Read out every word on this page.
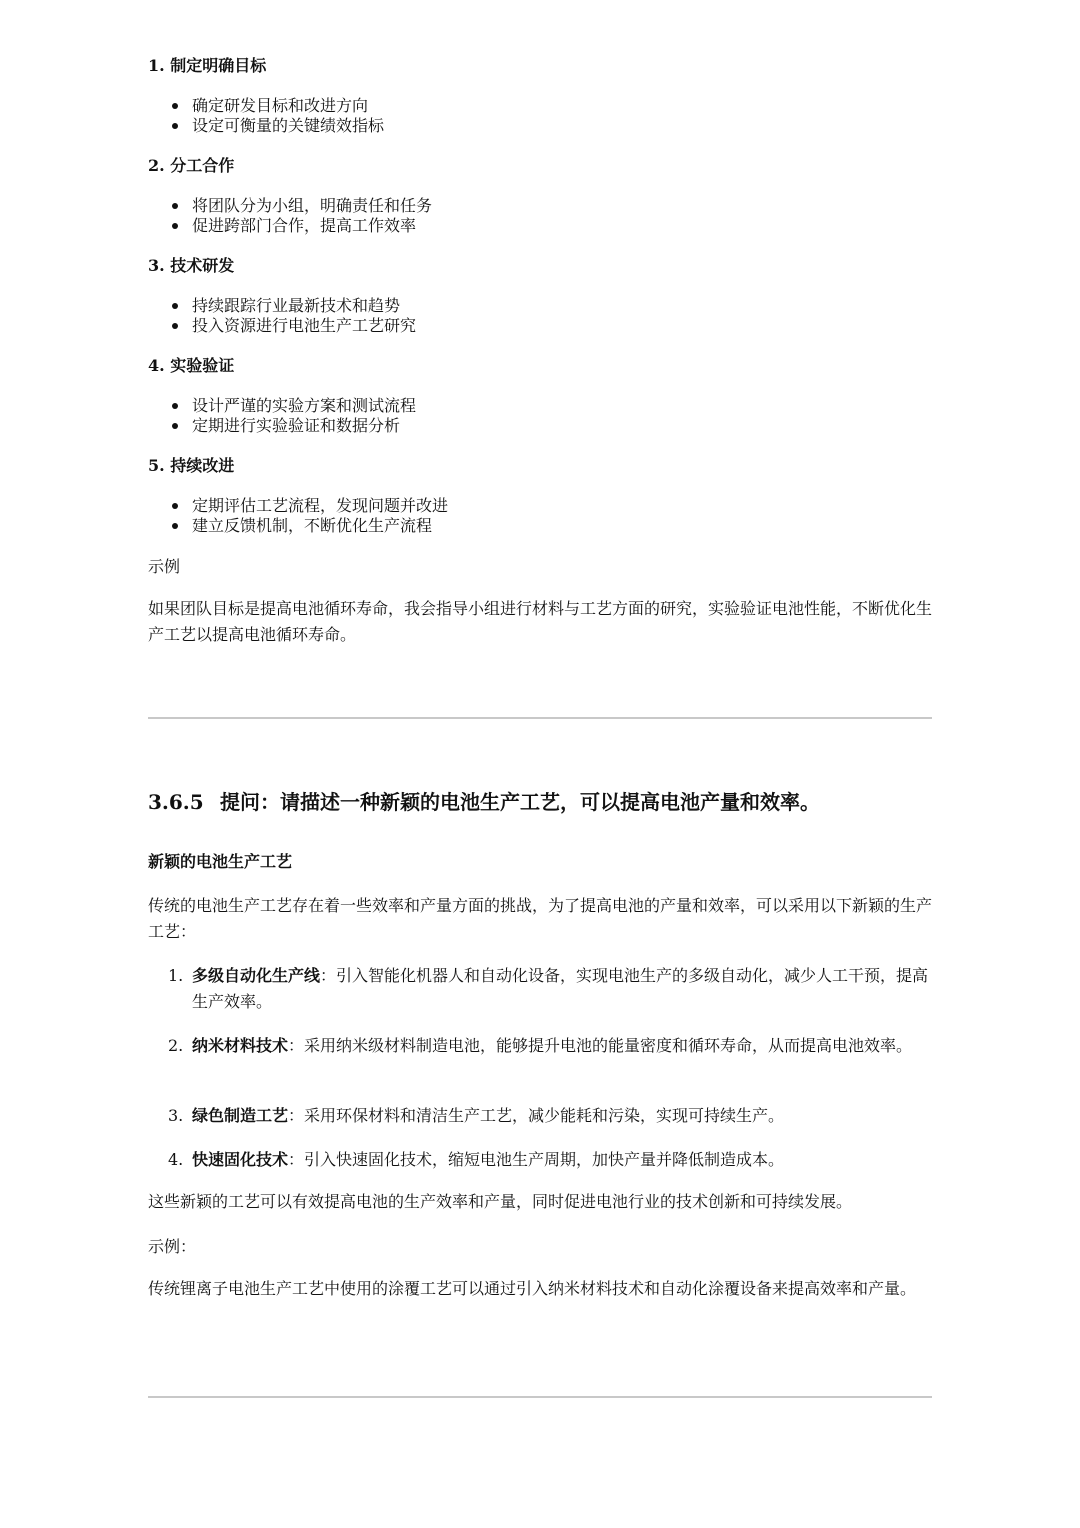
1. 制定明确目标
确定研发目标和改进方向
设定可衡量的关键绩效指标
2. 分工合作
将团队分为小组，明确责任和任务
促进跨部门合作，提高工作效率
3. 技术研发
持续跟踪行业最新技术和趋势
投入资源进行电池生产工艺研究
4. 实验验证
设计严谨的实验方案和测试流程
定期进行实验验证和数据分析
5. 持续改进
定期评估工艺流程，发现问题并改进
建立反馈机制，不断优化生产流程
示例

如果团队目标是提高电池循环寿命，我会指导小组进行材料与工艺方面的研究，实验验证电池性能，不断优化生产工艺以提高电池循环寿命。

3.6.5 提问：请描述一种新颖的电池生产工艺，可以提高电池产量和效率。
新颖的电池生产工艺

传统的电池生产工艺存在着一些效率和产量方面的挑战，为了提高电池的产量和效率，可以采用以下新颖的生产工艺：

1. 多级自动化生产线：引入智能化机器人和自动化设备，实现电池生产的多级自动化，减少人工干预，提高生产效率。
2. 纳米材料技术：采用纳米级材料制造电池，能够提升电池的能量密度和循环寿命，从而提高电池效率。
3. 绿色制造工艺：采用环保材料和清洁生产工艺，减少能耗和污染，实现可持续生产。
4. 快速固化技术：引入快速固化技术，缩短电池生产周期，加快产量并降低制造成本。

这些新颖的工艺可以有效提高电池的生产效率和产量，同时促进电池行业的技术创新和可持续发展。

示例：

传统锂离子电池生产工艺中使用的涂覆工艺可以通过引入纳米材料技术和自动化涂覆设备来提高效率和产量。
